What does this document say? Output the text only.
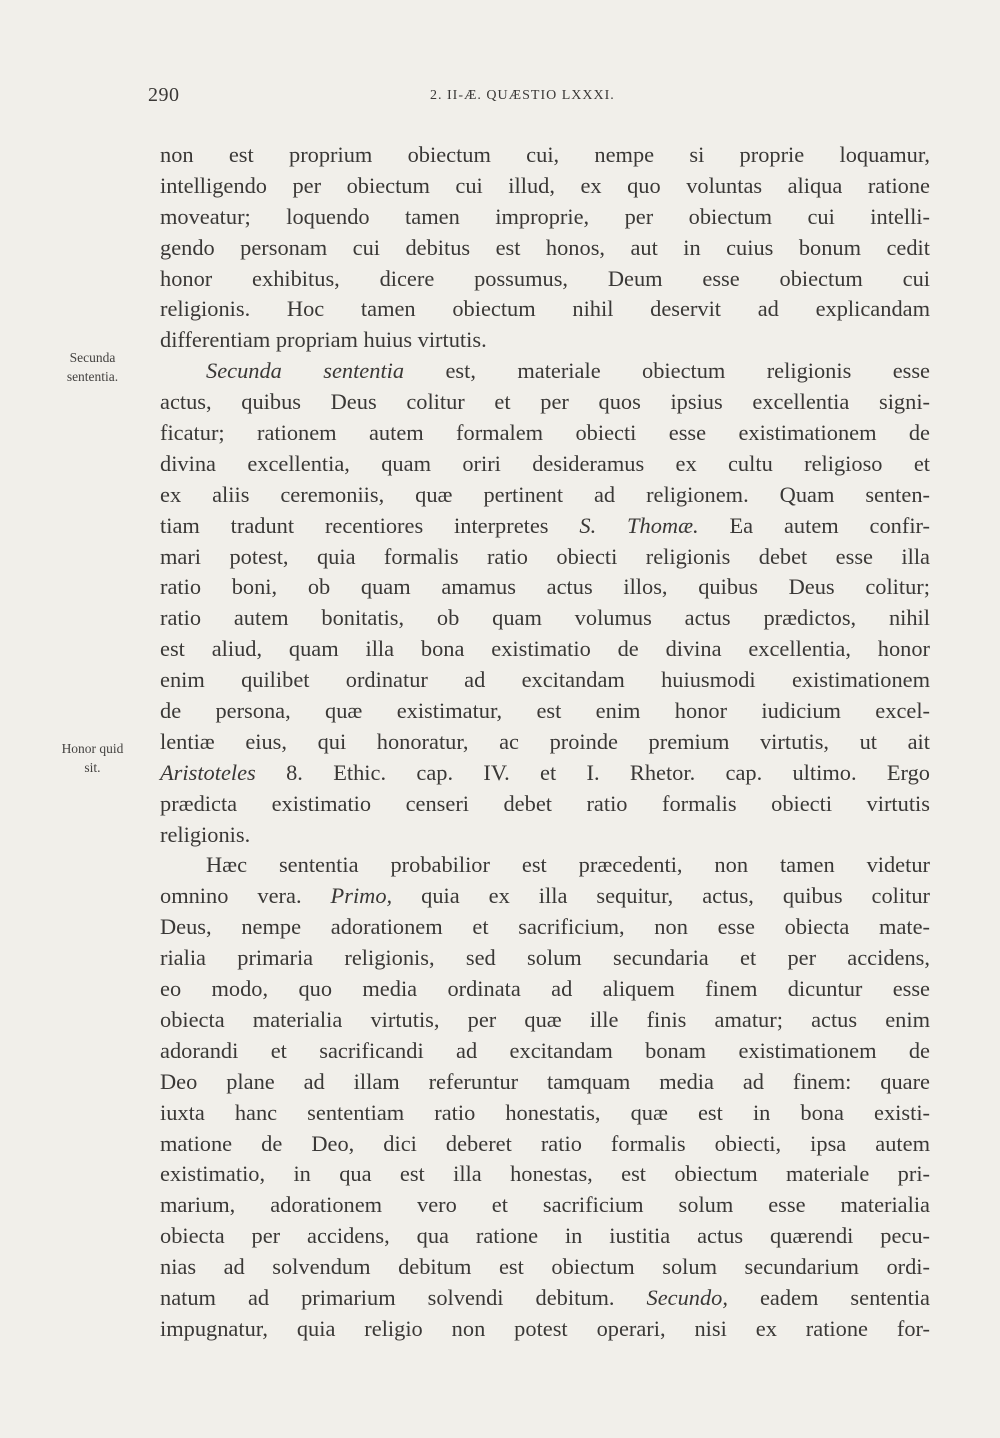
290	2. II-Æ. QUÆSTIO LXXXI.
Secunda
sententia.
Honor quid
sit.
non est proprium obiectum cui, nempe si proprie loquamur,
intelligendo per obiectum cui illud, ex quo voluntas aliqua ratione
moveatur; loquendo tamen improprie, per obiectum cui intelli-
gendo personam cui debitus est honos, aut in cuius bonum cedit
honor exhibitus, dicere possumus, Deum esse obiectum cui
religionis. Hoc tamen obiectum nihil deservit ad explicandam
differentiam propriam huius virtutis.
Secunda sententia est, materiale obiectum religionis esse
actus, quibus Deus colitur et per quos ipsius excellentia signi-
ficatur; rationem autem formalem obiecti esse existimationem de
divina excellentia, quam oriri desideramus ex cultu religioso et
ex aliis ceremoniis, quæ pertinent ad religionem. Quam senten-
tiam tradunt recentiores interpretes S. Thomæ. Ea autem confir-
mari potest, quia formalis ratio obiecti religionis debet esse illa
ratio boni, ob quam amamus actus illos, quibus Deus colitur;
ratio autem bonitatis, ob quam volumus actus prædictos, nihil
est aliud, quam illa bona existimatio de divina excellentia, honor
enim quilibet ordinatur ad excitandam huiusmodi existimationem
de persona, quæ existimatur, est enim honor iudicium excel-
lentiæ eius, qui honoratur, ac proinde premium virtutis, ut ait
Aristoteles 8. Ethic. cap. IV. et I. Rhetor. cap. ultimo. Ergo
prædicta existimatio censeri debet ratio formalis obiecti virtutis
religionis.
Hæc sententia probabilior est præcedenti, non tamen videtur
omnino vera. Primo, quia ex illa sequitur, actus, quibus colitur
Deus, nempe adorationem et sacrificium, non esse obiecta mate-
rialia primaria religionis, sed solum secundaria et per accidens,
eo modo, quo media ordinata ad aliquem finem dicuntur esse
obiecta materialia virtutis, per quæ ille finis amatur; actus enim
adorandi et sacrificandi ad excitandam bonam existimationem de
Deo plane ad illam referuntur tamquam media ad finem: quare
iuxta hanc sententiam ratio honestatis, quæ est in bona existi-
matione de Deo, dici deberet ratio formalis obiecti, ipsa autem
existimatio, in qua est illa honestas, est obiectum materiale pri-
marium, adorationem vero et sacrificium solum esse materialia
obiecta per accidens, qua ratione in iustitia actus quærendi pecu-
nias ad solvendum debitum est obiectum solum secundarium ordi-
natum ad primarium solvendi debitum. Secundo, eadem sententia
impugnatur, quia religio non potest operari, nisi ex ratione for-
